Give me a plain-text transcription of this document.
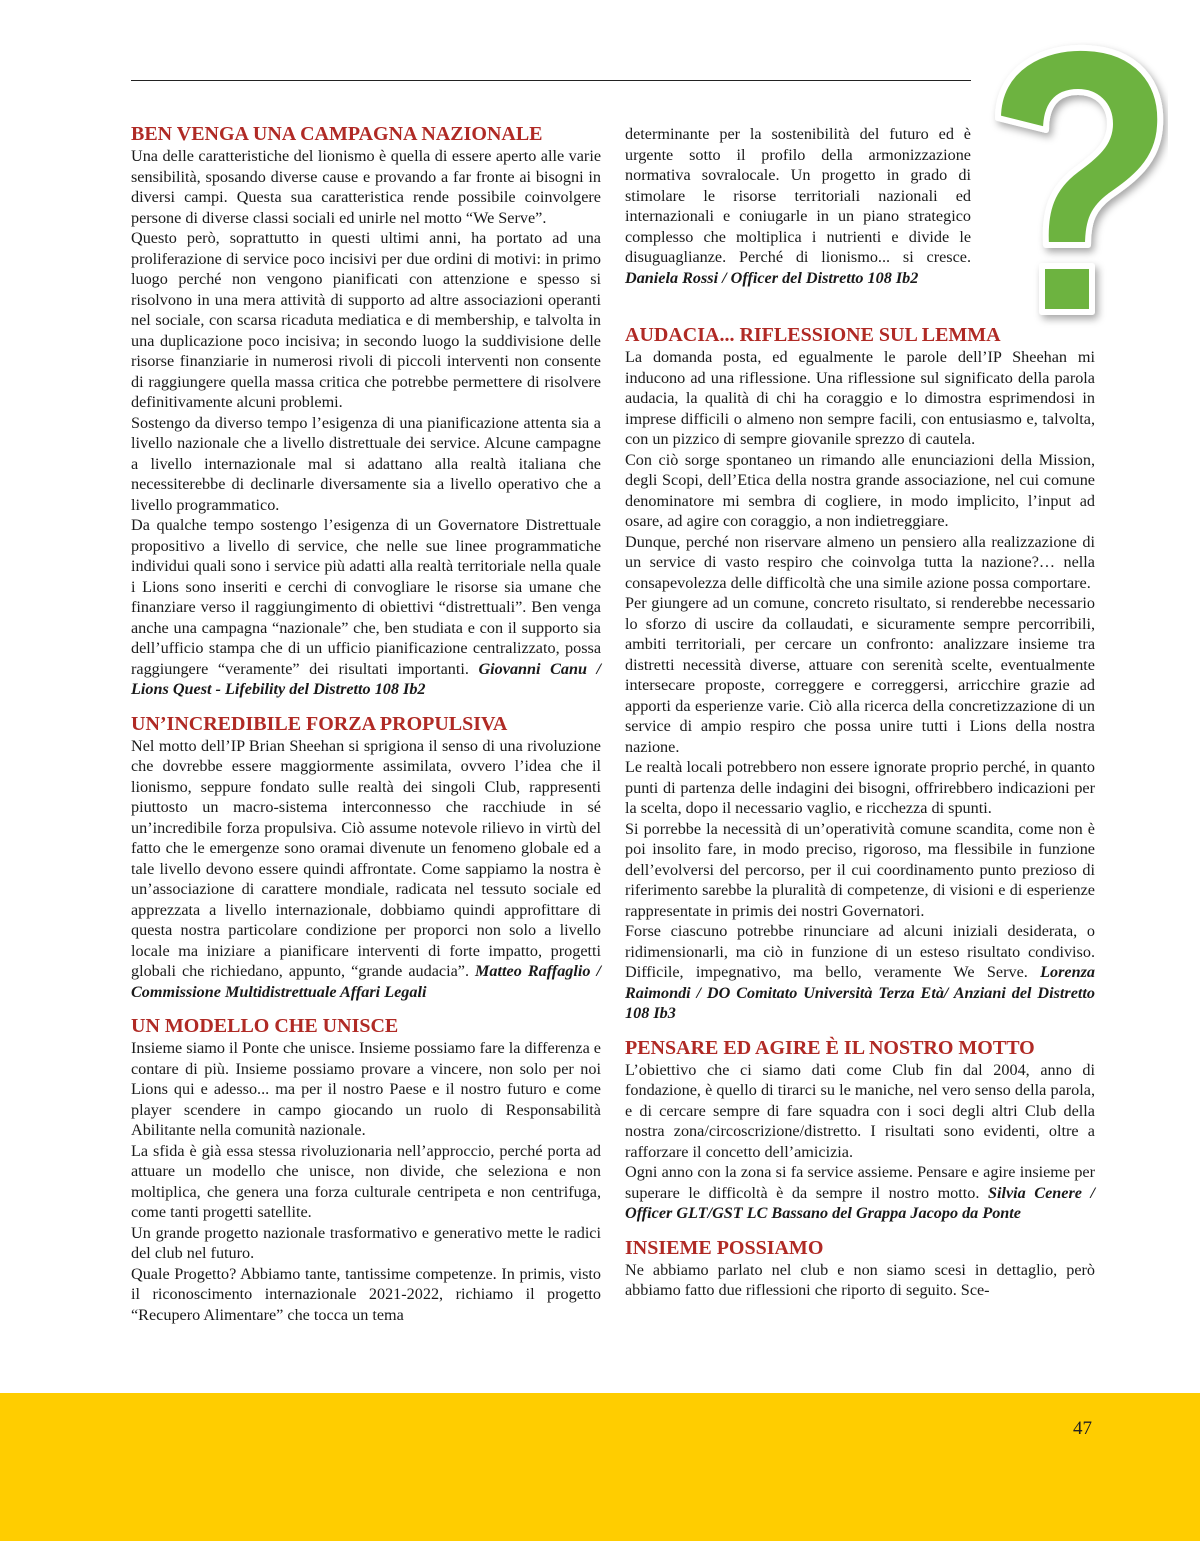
BEN VENGA UNA CAMPAGNA NAZIONALE

Una delle caratteristiche del lionismo è quella di essere aperto alle varie sensibilità, sposando diverse cause e provando a far fronte ai bisogni in diversi campi. Questa sua caratteristica rende possibile coinvolgere persone di diverse classi sociali ed unirle nel motto “We Serve”.

Questo però, soprattutto in questi ultimi anni, ha portato ad una proliferazione di service poco incisivi per due ordini di motivi: in primo luogo perché non vengono pianificati con attenzione e spesso si risolvono in una mera attività di supporto ad altre associazioni operanti nel sociale, con scarsa ricaduta mediatica e di membership, e talvolta in una duplicazione poco incisiva; in secondo luogo la suddivisione delle risorse finanziarie in numerosi rivoli di piccoli interventi non consente di raggiungere quella massa critica che potrebbe permettere di risolvere definitivamente alcuni problemi.

Sostengo da diverso tempo l’esigenza di una pianificazione attenta sia a livello nazionale che a livello distrettuale dei service. Alcune campagne a livello internazionale mal si adattano alla realtà italiana che necessiterebbe di declinarle diversamente sia a livello operativo che a livello programmatico.

Da qualche tempo sostengo l’esigenza di un Governatore Distrettuale propositivo a livello di service, che nelle sue linee programmatiche individui quali sono i service più adatti alla realtà territoriale nella quale i Lions sono inseriti e cerchi di convogliare le risorse sia umane che finanziare verso il raggiungimento di obiettivi “distrettuali”. Ben venga anche una campagna “nazionale” che, ben studiata e con il supporto sia dell’ufficio stampa che di un ufficio pianificazione centralizzato, possa raggiungere “veramente” dei risultati importanti. Giovanni Canu / Lions Quest - Lifebility del Distretto 108 Ib2

UN’INCREDIBILE FORZA PROPULSIVA

Nel motto dell’IP Brian Sheehan si sprigiona il senso di una rivoluzione che dovrebbe essere maggiormente assimilata, ovvero l’idea che il lionismo, seppure fondato sulle realtà dei singoli Club, rappresenti piuttosto un macro-sistema interconnesso che racchiude in sé un’incredibile forza propulsiva. Ciò assume notevole rilievo in virtù del fatto che le emergenze sono oramai divenute un fenomeno globale ed a tale livello devono essere quindi affrontate. Come sappiamo la nostra è un’associazione di carattere mondiale, radicata nel tessuto sociale ed apprezzata a livello internazionale, dobbiamo quindi approfittare di questa nostra particolare condizione per proporci non solo a livello locale ma iniziare a pianificare interventi di forte impatto, progetti globali che richiedano, appunto, “grande audacia”. Matteo Raffaglio / Commissione Multidistrettuale Affari Legali

UN MODELLO CHE UNISCE

Insieme siamo il Ponte che unisce. Insieme possiamo fare la differenza e contare di più. Insieme possiamo provare a vincere, non solo per noi Lions qui e adesso... ma per il nostro Paese e il nostro futuro e come player scendere in campo giocando un ruolo di Responsabilità Abilitante nella comunità nazionale.

La sfida è già essa stessa rivoluzionaria nell’approccio, perché porta ad attuare un modello che unisce, non divide, che seleziona e non moltiplica, che genera una forza culturale centripeta e non centrifuga, come tanti progetti satellite.

Un grande progetto nazionale trasformativo e generativo mette le radici del club nel futuro.

Quale Progetto? Abbiamo tante, tantissime competenze. In primis, visto il riconoscimento internazionale 2021-2022, richiamo il progetto “Recupero Alimentare” che tocca un tema

determinante per la sostenibilità del futuro ed è urgente sotto il profilo della armonizzazione normativa sovralocale. Un progetto in grado di stimolare le risorse territoriali nazionali ed internazionali e coniugarle in un piano strategico complesso che moltiplica i nutrienti e divide le disuguaglianze. Perché di lionismo... si cresce. Daniela Rossi / Officer del Distretto 108 Ib2

AUDACIA... RIFLESSIONE SUL LEMMA

La domanda posta, ed egualmente le parole dell’IP Sheehan mi inducono ad una riflessione. Una riflessione sul significato della parola audacia, la qualità di chi ha coraggio e lo dimostra esprimendosi in imprese difficili o almeno non sempre facili, con entusiasmo e, talvolta, con un pizzico di sempre giovanile sprezzo di cautela.

Con ciò sorge spontaneo un rimando alle enunciazioni della Mission, degli Scopi, dell’Etica della nostra grande associazione, nel cui comune denominatore mi sembra di cogliere, in modo implicito, l’input ad osare, ad agire con coraggio, a non indietreggiare.

Dunque, perché non riservare almeno un pensiero alla realizzazione di un service di vasto respiro che coinvolga tutta la nazione?… nella consapevolezza delle difficoltà che una simile azione possa comportare.

Per giungere ad un comune, concreto risultato, si renderebbe necessario lo sforzo di uscire da collaudati, e sicuramente sempre percorribili, ambiti territoriali, per cercare un confronto: analizzare insieme tra distretti necessità diverse, attuare con serenità scelte, eventualmente intersecare proposte, correggere e correggersi, arricchire grazie ad apporti da esperienze varie. Ciò alla ricerca della concretizzazione di un service di ampio respiro che possa unire tutti i Lions della nostra nazione.

Le realtà locali potrebbero non essere ignorate proprio perché, in quanto punti di partenza delle indagini dei bisogni, offrirebbero indicazioni per la scelta, dopo il necessario vaglio, e ricchezza di spunti.

Si porrebbe la necessità di un’operatività comune scandita, come non è poi insolito fare, in modo preciso, rigoroso, ma flessibile in funzione dell’evolversi del percorso, per il cui coordinamento punto prezioso di riferimento sarebbe la pluralità di competenze, di visioni e di esperienze rappresentate in primis dei nostri Governatori.

Forse ciascuno potrebbe rinunciare ad alcuni iniziali desiderata, o ridimensionarli, ma ciò in funzione di un esteso risultato condiviso. Difficile, impegnativo, ma bello, veramente We Serve. Lorenza Raimondi / DO Comitato Università Terza Età/ Anziani del Distretto 108 Ib3

PENSARE ED AGIRE È IL NOSTRO MOTTO

L’obiettivo che ci siamo dati come Club fin dal 2004, anno di fondazione, è quello di tirarci su le maniche, nel vero senso della parola, e di cercare sempre di fare squadra con i soci degli altri Club della nostra zona/circoscrizione/distretto. I risultati sono evidenti, oltre a rafforzare il concetto dell’amicizia.

Ogni anno con la zona si fa service assieme. Pensare e agire insieme per superare le difficoltà è da sempre il nostro motto. Silvia Cenere / Officer GLT/GST LC Bassano del Grappa Jacopo da Ponte

INSIEME POSSIAMO

Ne abbiamo parlato nel club e non siamo scesi in dettaglio, però abbiamo fatto due riflessioni che riporto di seguito. Sce-

47
